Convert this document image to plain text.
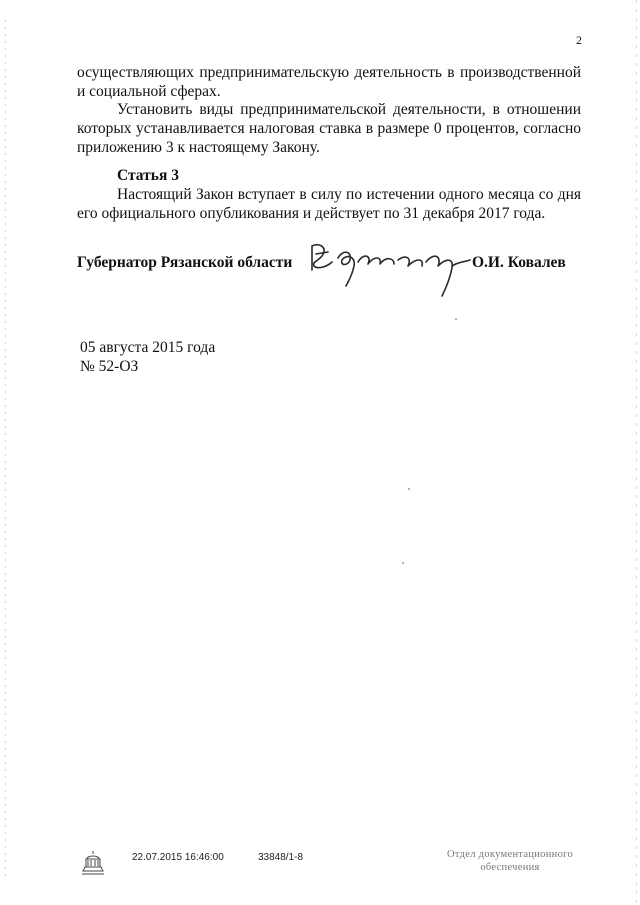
2

осуществляющих предпринимательскую деятельность в производственной и социальной сферах.

Установить виды предпринимательской деятельности, в отношении которых устанавливается налоговая ставка в размере 0 процентов, согласно приложению 3 к настоящему Закону.

Статья 3

Настоящий Закон вступает в силу по истечении одного месяца со дня его официального опубликования и действует по 31 декабря 2017 года.

Губернатор Рязанской области	О.И. Ковалев
05 августа 2015 года
№ 52-ОЗ
22.07.2015 16:46:00	33848/1-8	Отдел документационного
обеспечения
